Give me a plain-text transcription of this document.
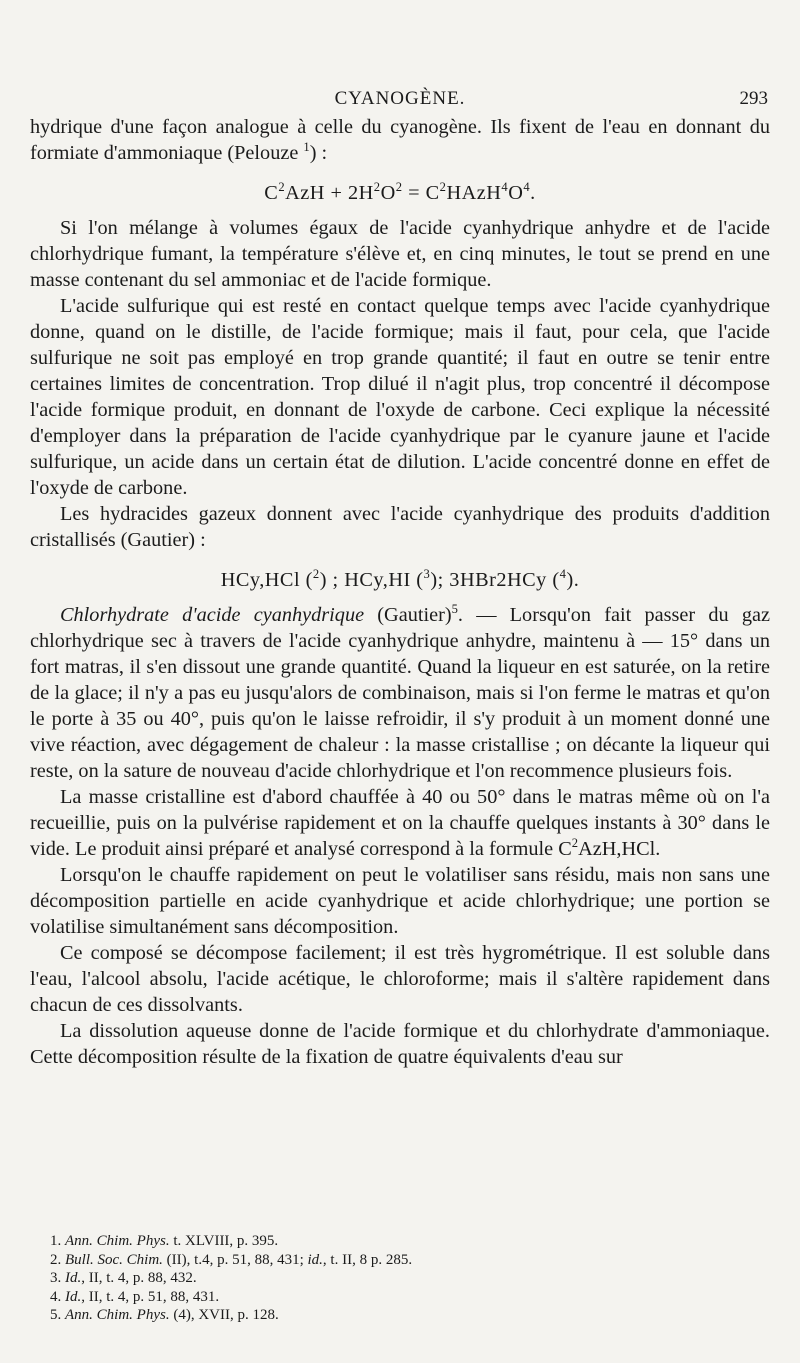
CYANOGÈNE.	293

hydrique d'une façon analogue à celle du cyanogène. Ils fixent de l'eau en donnant du formiate d'ammoniaque (Pelouze $^1$) :

$C^2AzH + 2H^2O^2$ = $C^2HAzH^4O^4$.

Si l'on mélange à volumes égaux de l'acide cyanhydrique anhydre et de l'acide chlorhydrique fumant, la température s'élève et, en cinq minutes, le tout se prend en une masse contenant du sel ammoniac et de l'acide formique.

L'acide sulfurique qui est resté en contact quelque temps avec l'acide cyanhydrique donne, quand on le distille, de l'acide formique; mais il faut, pour cela, que l'acide sulfurique ne soit pas employé en trop grande quantité; il faut en outre se tenir entre certaines limites de concentration. Trop dilué il n'agit plus, trop concentré il décompose l'acide formique produit, en donnant de l'oxyde de carbone. Ceci explique la nécessité d'employer dans la préparation de l'acide cyanhydrique par le cyanure jaune et l'acide sulfurique, un acide dans un certain état de dilution. L'acide concentré donne en effet de l'oxyde de carbone.

Les hydracides gazeux donnent avec l'acide cyanhydrique des produits d'addition cristallisés (Gautier) :

HCy,HCl ($^2$) ; HCy,HI ($^3$); 3HBr2HCy ($^4$).

Chlorhydrate d'acide cyanhydrique (Gautier)$^5$. — Lorsqu'on fait passer du gaz chlorhydrique sec à travers de l'acide cyanhydrique anhydre, maintenu à — 15° dans un fort matras, il s'en dissout une grande quantité. Quand la liqueur en est saturée, on la retire de la glace; il n'y a pas eu jusqu'alors de combinaison, mais si l'on ferme le matras et qu'on le porte à 35 ou 40°, puis qu'on le laisse refroidir, il s'y produit à un moment donné une vive réaction, avec dégagement de chaleur : la masse cristallise ; on décante la liqueur qui reste, on la sature de nouveau d'acide chlorhydrique et l'on recommence plusieurs fois.

La masse cristalline est d'abord chauffée à 40 ou 50° dans le matras même où on l'a recueillie, puis on la pulvérise rapidement et on la chauffe quelques instants à 30° dans le vide. Le produit ainsi préparé et analysé correspond à la formule $C^2AzH,HCl$.

Lorsqu'on le chauffe rapidement on peut le volatiliser sans résidu, mais non sans une décomposition partielle en acide cyanhydrique et acide chlorhydrique; une portion se volatilise simultanément sans décomposition.

Ce composé se décompose facilement; il est très hygrométrique. Il est soluble dans l'eau, l'alcool absolu, l'acide acétique, le chloroforme; mais il s'altère rapidement dans chacun de ces dissolvants.

La dissolution aqueuse donne de l'acide formique et du chlorhydrate d'ammoniaque. Cette décomposition résulte de la fixation de quatre équivalents d'eau sur

1. Ann. Chim. Phys. t. XLVIII, p. 395.
2. Bull. Soc. Chim. (II), t.4, p. 51, 88, 431; id., t. II, 8 p. 285.
3. Id., II, t. 4, p. 88, 432.
4. Id., II, t. 4, p. 51, 88, 431.
5. Ann. Chim. Phys. (4), XVII, p. 128.
